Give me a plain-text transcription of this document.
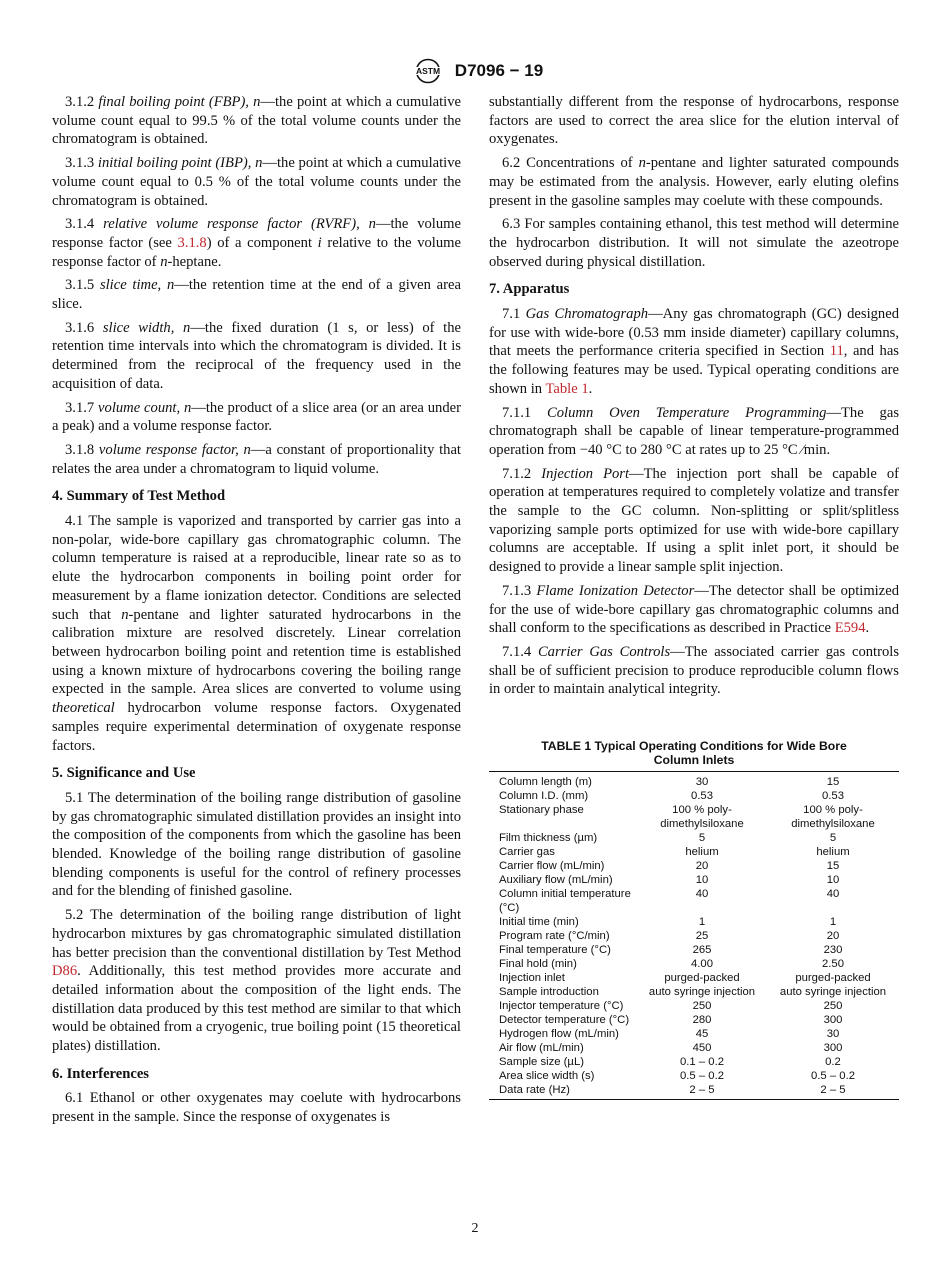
ASTM D7096 − 19

3.1.2 final boiling point (FBP), n—the point at which a cumulative volume count equal to 99.5 % of the total volume counts under the chromatogram is obtained.

3.1.3 initial boiling point (IBP), n—the point at which a cumulative volume count equal to 0.5 % of the total volume counts under the chromatogram is obtained.

3.1.4 relative volume response factor (RVRF), n—the volume response factor (see 3.1.8) of a component i relative to the volume response factor of n-heptane.

3.1.5 slice time, n—the retention time at the end of a given area slice.

3.1.6 slice width, n—the fixed duration (1 s, or less) of the retention time intervals into which the chromatogram is divided. It is determined from the reciprocal of the frequency used in the acquisition of data.

3.1.7 volume count, n—the product of a slice area (or an area under a peak) and a volume response factor.

3.1.8 volume response factor, n—a constant of proportionality that relates the area under a chromatogram to liquid volume.

4. Summary of Test Method

4.1 The sample is vaporized and transported by carrier gas into a non-polar, wide-bore capillary gas chromatographic column. The column temperature is raised at a reproducible, linear rate so as to elute the hydrocarbon components in boiling point order for measurement by a flame ionization detector. Conditions are selected such that n-pentane and lighter saturated hydrocarbons in the calibration mixture are resolved discretely. Linear correlation between hydrocarbon boiling point and retention time is established using a known mixture of hydrocarbons covering the boiling range expected in the sample. Area slices are converted to volume using theoretical hydrocarbon volume response factors. Oxygenated samples require experimental determination of oxygenate response factors.

5. Significance and Use

5.1 The determination of the boiling range distribution of gasoline by gas chromatographic simulated distillation provides an insight into the composition of the components from which the gasoline has been blended. Knowledge of the boiling range distribution of gasoline blending components is useful for the control of refinery processes and for the blending of finished gasoline.

5.2 The determination of the boiling range distribution of light hydrocarbon mixtures by gas chromatographic simulated distillation has better precision than the conventional distillation by Test Method D86. Additionally, this test method provides more accurate and detailed information about the composition of the light ends. The distillation data produced by this test method are similar to that which would be obtained from a cryogenic, true boiling point (15 theoretical plates) distillation.

6. Interferences

6.1 Ethanol or other oxygenates may coelute with hydrocarbons present in the sample. Since the response of oxygenates is

substantially different from the response of hydrocarbons, response factors are used to correct the area slice for the elution interval of oxygenates.

6.2 Concentrations of n-pentane and lighter saturated compounds may be estimated from the analysis. However, early eluting olefins present in the gasoline samples may coelute with these compounds.

6.3 For samples containing ethanol, this test method will determine the hydrocarbon distribution. It will not simulate the azeotrope observed during physical distillation.

7. Apparatus

7.1 Gas Chromatograph—Any gas chromatograph (GC) designed for use with wide-bore (0.53 mm inside diameter) capillary columns, that meets the performance criteria specified in Section 11, and has the following features may be used. Typical operating conditions are shown in Table 1.

7.1.1 Column Oven Temperature Programming—The gas chromatograph shall be capable of linear temperature-programmed operation from −40 °C to 280 °C at rates up to 25 °C ⁄min.

7.1.2 Injection Port—The injection port shall be capable of operation at temperatures required to completely volatize and transfer the sample to the GC column. Non-splitting or split/splitless vaporizing sample ports optimized for use with wide-bore capillary columns are acceptable. If using a split inlet port, it should be designed to provide a linear sample split injection.

7.1.3 Flame Ionization Detector—The detector shall be optimized for the use of wide-bore capillary gas chromatographic columns and shall conform to the specifications as described in Practice E594.

7.1.4 Carrier Gas Controls—The associated carrier gas controls shall be of sufficient precision to produce reproducible column flows in order to maintain analytical integrity.

TABLE 1 Typical Operating Conditions for Wide Bore Column Inlets
Column length (m)	30	15
Column I.D. (mm)	0.53	0.53
Stationary phase	100 % poly-dimethylsiloxane	100 % poly-dimethylsiloxane
Film thickness (µm)	5	5
Carrier gas	helium	helium
Carrier flow (mL/min)	20	15
Auxiliary flow (mL/min)	10	10
Column initial temperature (°C)	40	40
Initial time (min)	1	1
Program rate (°C/min)	25	20
Final temperature (°C)	265	230
Final hold (min)	4.00	2.50
Injection inlet	purged-packed	purged-packed
Sample introduction	auto syringe injection	auto syringe injection
Injector temperature (°C)	250	250
Detector temperature (°C)	280	300
Hydrogen flow (mL/min)	45	30
Air flow (mL/min)	450	300
Sample size (µL)	0.1 – 0.2	0.2
Area slice width (s)	0.5 – 0.2	0.5 – 0.2
Data rate (Hz)	2 – 5	2 – 5
2
